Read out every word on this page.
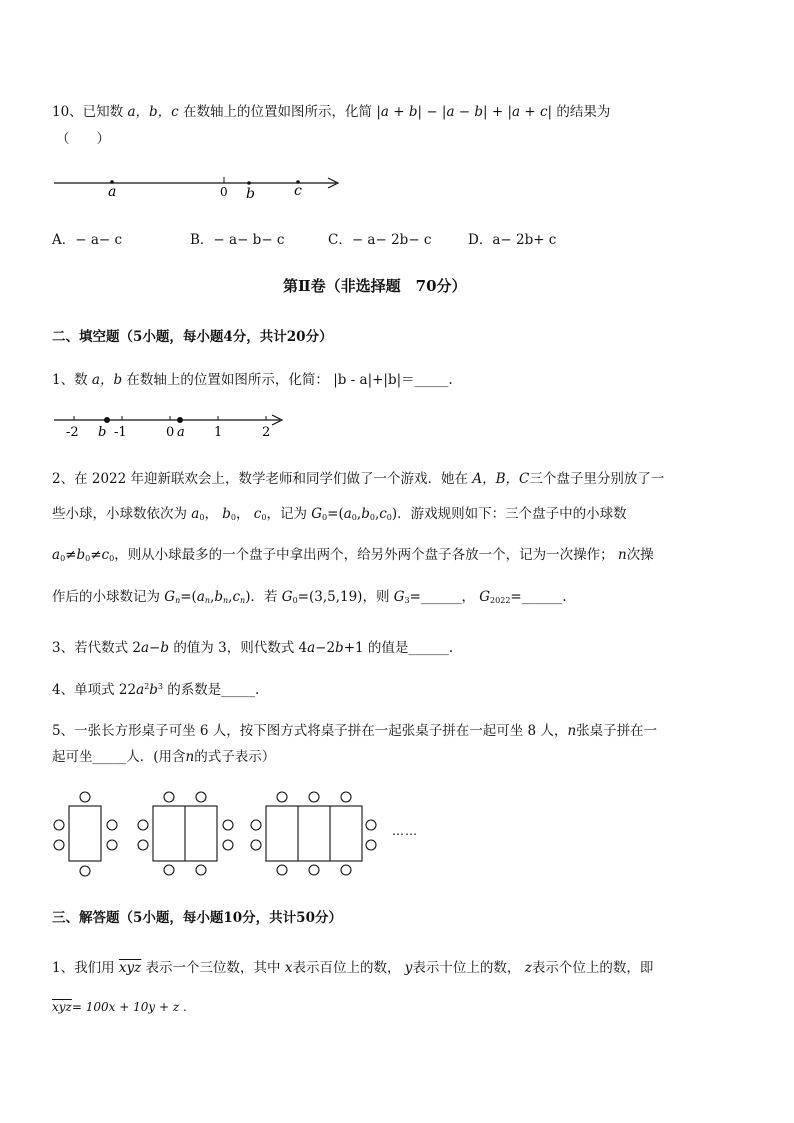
10、已知数 a，b，c 在数轴上的位置如图所示，化简 |a + b| − |a − b| + |a + c| 的结果为
（　　）
a	0 b	c
A．− a− c	B．− a− b− c	C．− a− 2b− c	D．a− 2b+ c
第Ⅱ卷（非选择题　70分）
二、填空题（5小题，每小题4分，共计20分）
1、数 a，b 在数轴上的位置如图所示，化简： |b - a|+|b|＝_____.
-2 b -1	0 a 1	2
2、在 2022 年迎新联欢会上，数学老师和同学们做了一个游戏．她在 A，B，C三个盘子里分别放了一
些小球，小球数依次为 $a_0$， $b_0$， $c_0$，记为 $G_0=(a_0,b_0,c_0)$．游戏规则如下：三个盘子中的小球数
$a_0\ne b_0\ne c_0$，则从小球最多的一个盘子中拿出两个，给另外两个盘子各放一个，记为一次操作； n次操
作后的小球数记为 $G_n=(a_n,b_n,c_n)$．若 $G_0=(3,5,19)$，则 $G_3=\_\_\_\_\_\_$， $G_{2022}=\_\_\_\_\_\_$.
3、若代数式 2a−b 的值为 3，则代数式 4a−2b+1 的值是______.
4、单项式 $22a^2b^3$ 的系数是_____.
5、一张长方形桌子可坐 6 人，按下图方式将桌子拼在一起张桌子拼在一起可坐 8 人，n张桌子拼在一
起可坐_____人．(用含n的式子表示）
……
三、解答题（5小题，每小题10分，共计50分）
1、我们用 $\overline{xyz}$ 表示一个三位数，其中 x表示百位上的数， y表示十位上的数， z表示个位上的数，即
$\overline{xyz}= 100x + 10y + z$ .
